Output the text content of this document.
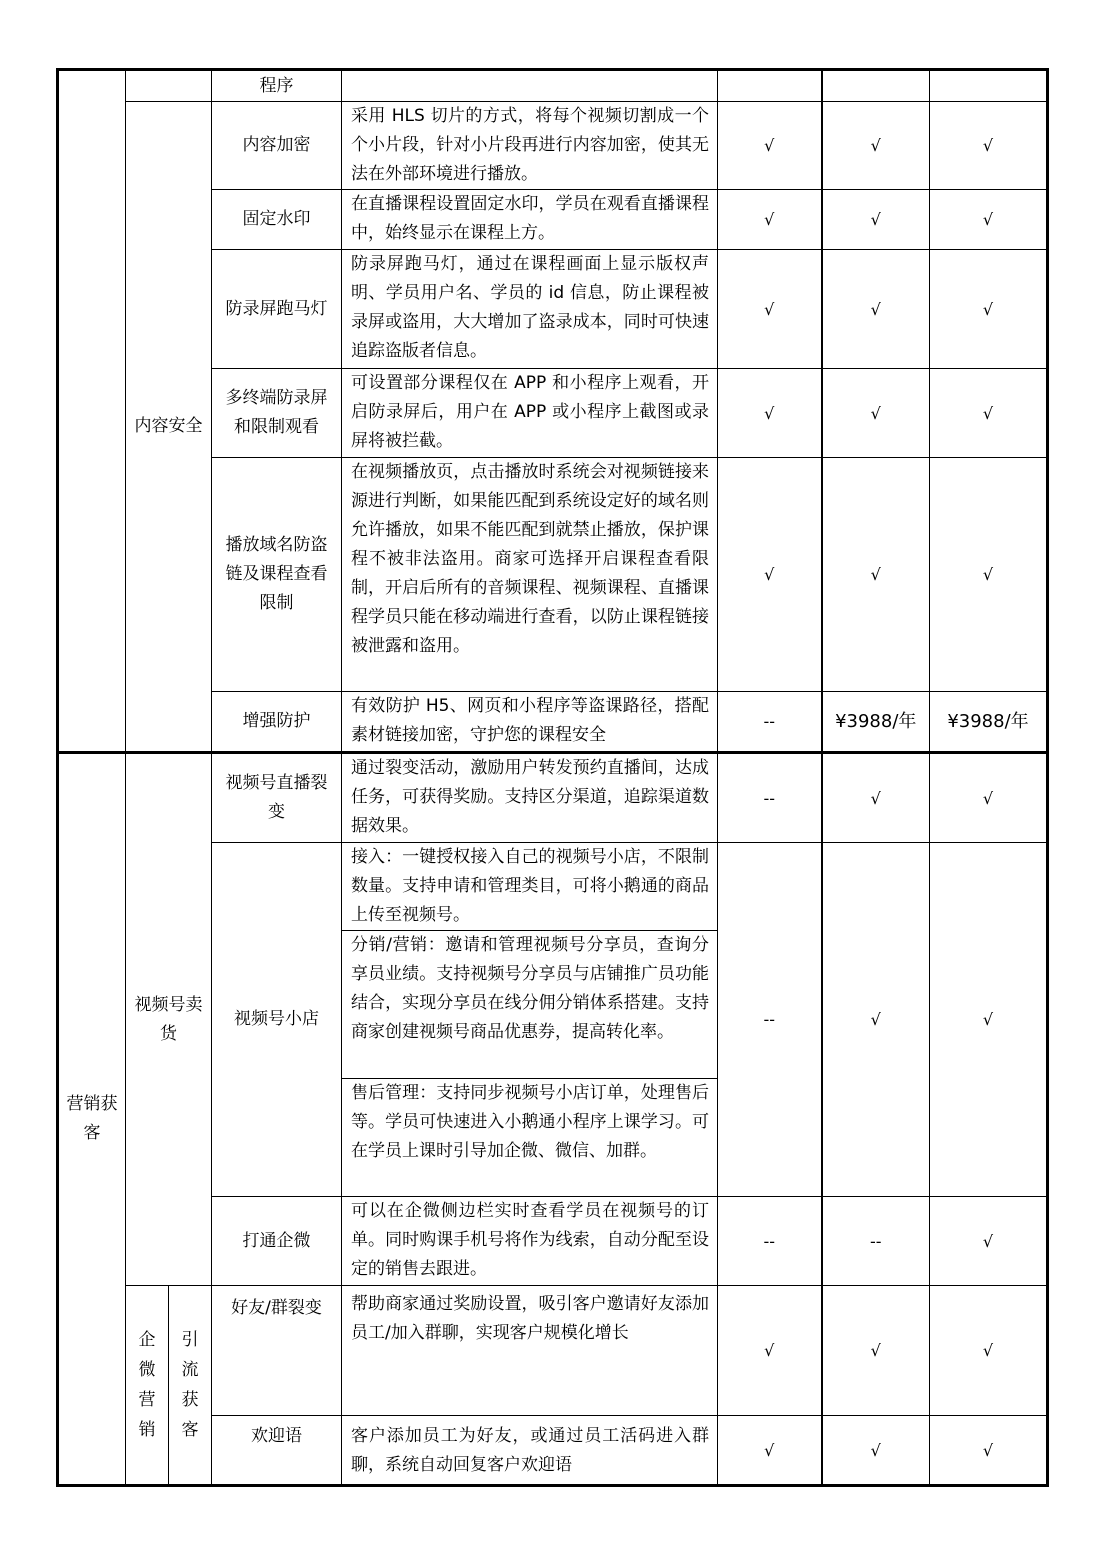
			程序				
	内容安全		内容加密	采用 HLS 切片的方式，将每个视频切割成一个个小片段，针对小片段再进行内容加密，使其无 法在外部环境进行播放。	√	√	√
			固定水印	在直播课程设置固定水印，学员在观看直播课程中，始终显示在课程上方。	√	√	√
			防录屏跑马灯	防录屏跑马灯，通过在课程画面上显示版权声明、学员用户名、学员的 id 信息，防止课程被录屏或盗用，大大增加了盗录成本，同时可快速追踪盗版者信息。	√	√	√
			多终端防录屏和限制观看	可设置部分课程仅在 APP 和小程序上观看，开启防录屏后，用户在 APP 或小程序上截图或录屏将被拦截。	√	√	√
			播放域名防盗链及课程查看限制	在视频播放页，点击播放时系统会对视频链接来源进行判断，如果能匹配到系统设定好的域名则允许播放，如果不能匹配到就禁止播放，保护课程不被非法盗用。商家可选择开启课程查看限制，开启后所有的音频课程、视频课程、直播课程学员只能在移动端进行查看，以防止课程链接被泄露和盗用。	√	√	√
			增强防护	有效防护 H5、网页和小程序等盗课路径，搭配素材链接加密，守护您的课程安全	--	¥3988/年	¥3988/年
营销获客	视频号卖货		视频号直播裂变	通过裂变活动，激励用户转发预约直播间，达成任务，可获得奖励。支持区分渠道，追踪渠道数据效果。	--	√	√
			视频号小店	接入：一键授权接入自己的视频号小店，不限制数量。支持申请和管理类目，可将小鹅通的商品上传至视频号。	--	√	√
				分销/营销：邀请和管理视频号分享员，查询分享员业绩。支持视频号分享员与店铺推广员功能结合，实现分享员在线分佣分销体系搭建。支持商家创建视频号商品优惠券，提高转化率。			
				售后管理：支持同步视频号小店订单，处理售后等。学员可快速进入小鹅通小程序上课学习。可在学员上课时引导加企微、微信、加群。			
			打通企微	可以在企微侧边栏实时查看学员在视频号的订单。同时购课手机号将作为线索，自动分配至设定的销售去跟进。	--	--	√

	企微营销	引流获客	好友/群裂变	帮助商家通过奖励设置，吸引客户邀请好友添加员工/加入群聊，实现客户规模化增长	√	√	√
			欢迎语	客户添加员工为好友，或通过员工活码进入群聊，系统自动回复客户欢迎语	√	√	√
